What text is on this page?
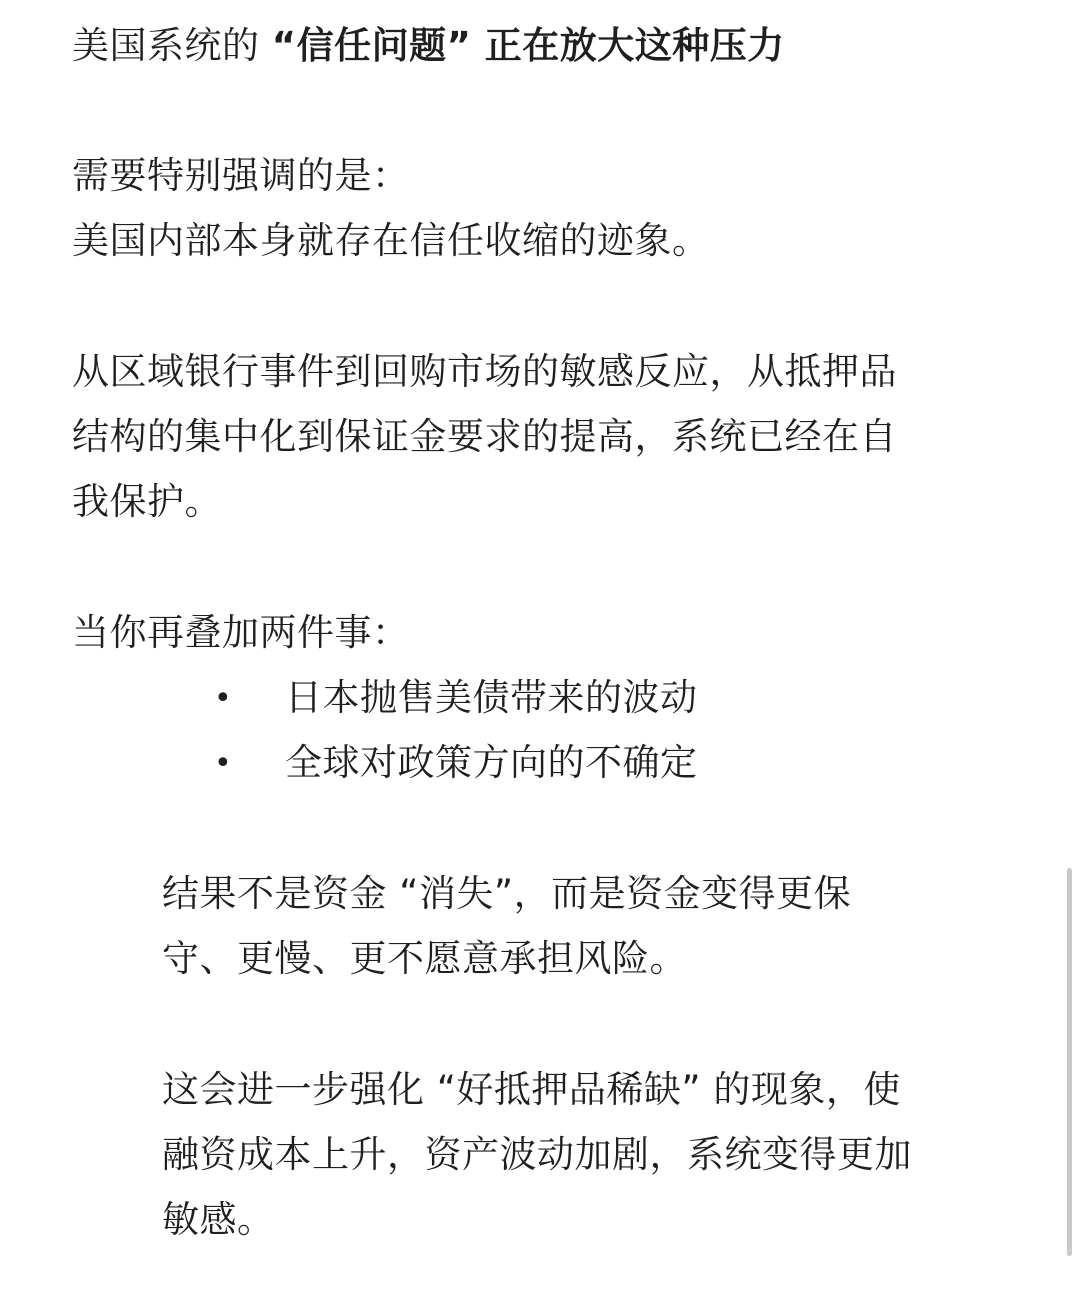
美国系统的 “信任问题” 正在放大这种压力
需要特别强调的是：
美国内部本身就存在信任收缩的迹象。
从区域银行事件到回购市场的敏感反应，从抵押品
结构的集中化到保证金要求的提高，系统已经在自
我保护。
当你再叠加两件事：
• 日本抛售美债带来的波动
• 全球对政策方向的不确定
结果不是资金 “消失”，而是资金变得更保
守、更慢、更不愿意承担风险。
这会进一步强化 “好抵押品稀缺” 的现象，使
融资成本上升，资产波动加剧，系统变得更加
敏感。
